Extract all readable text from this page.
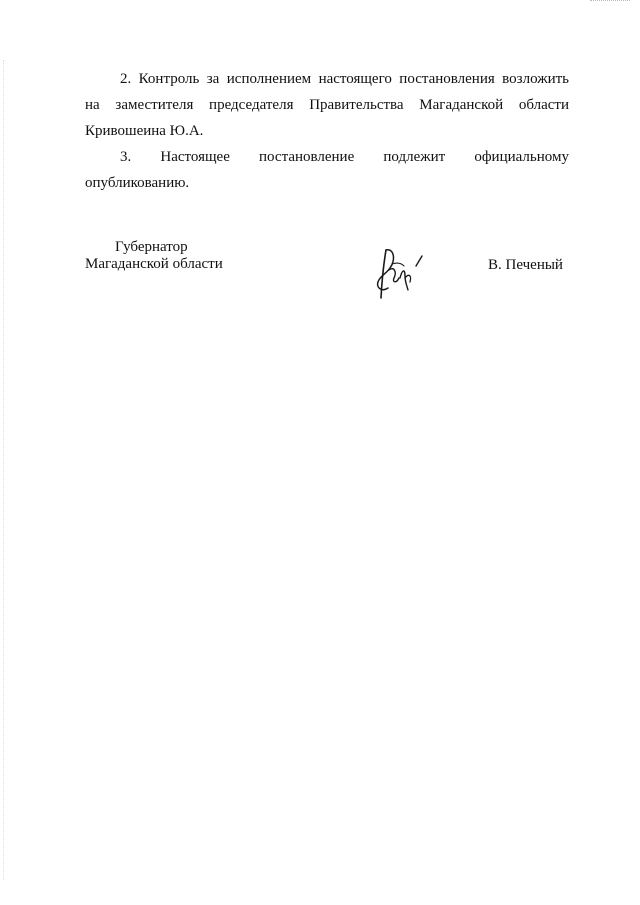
2. Контроль за исполнением настоящего постановления возложить
на заместителя председателя Правительства Магаданской области
Кривошеина Ю.А.
3. Настоящее постановление подлежит официальному
опубликованию.
Губернатор
Магаданской области	В. Печеный
